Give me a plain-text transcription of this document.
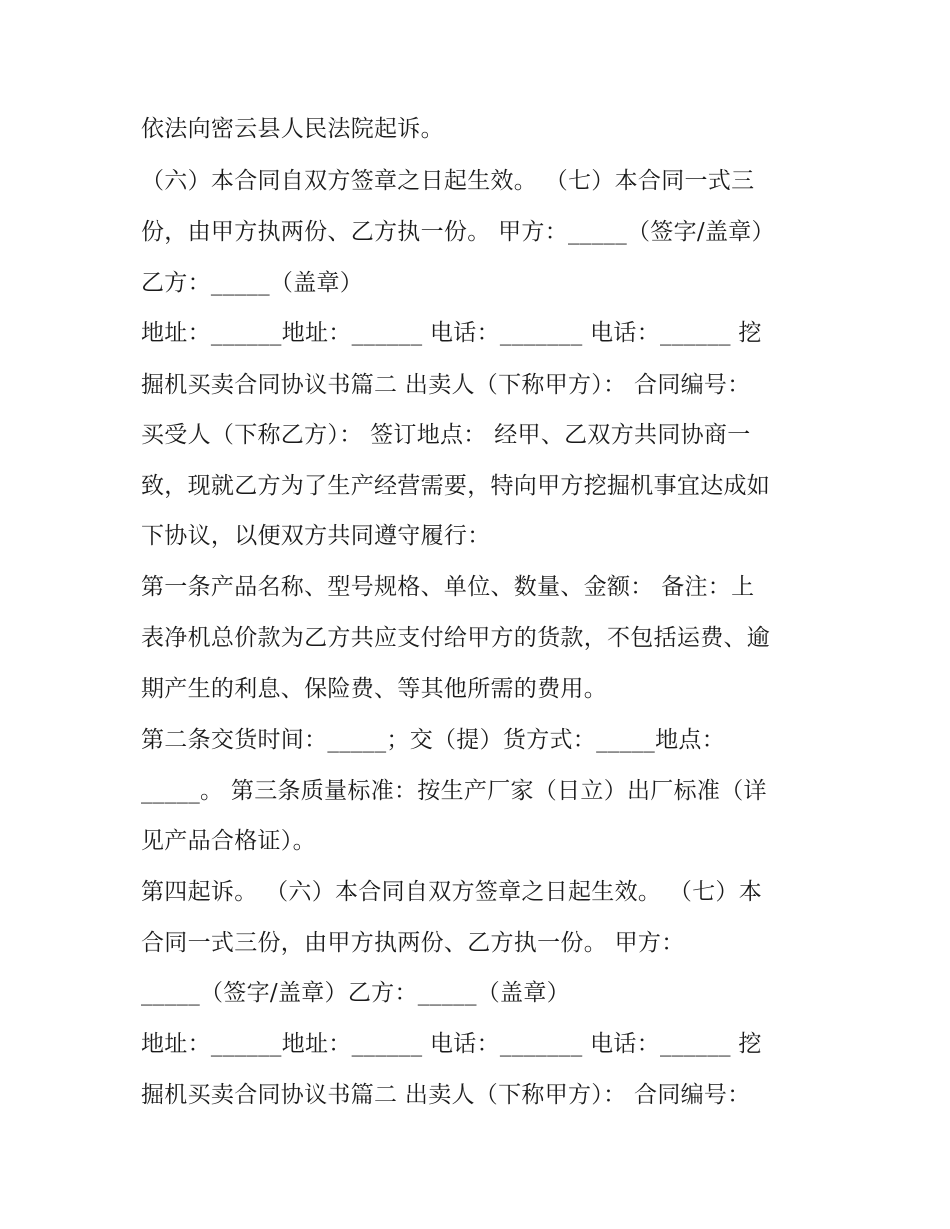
依法向密云县人民法院起诉。
（六）本合同自双方签章之日起生效。 （七）本合同一式三
份，由甲方执两份、乙方执一份。 甲方：_____（签字/盖章）
乙方：_____（盖章）
地址：______地址：______ 电话：_______ 电话：______ 挖
掘机买卖合同协议书篇二 出卖人（下称甲方）： 合同编号：
买受人（下称乙方）： 签订地点： 经甲、乙双方共同协商一
致，现就乙方为了生产经营需要，特向甲方挖掘机事宜达成如
下协议，以便双方共同遵守履行：
第一条产品名称、型号规格、单位、数量、金额： 备注：上
表净机总价款为乙方共应支付给甲方的货款，不包括运费、逾
期产生的利息、保险费、等其他所需的费用。
第二条交货时间：_____；交（提）货方式：_____地点：
_____。 第三条质量标准：按生产厂家（日立）出厂标准（详
见产品合格证）。
第四起诉。 （六）本合同自双方签章之日起生效。 （七）本
合同一式三份，由甲方执两份、乙方执一份。 甲方：
_____（签字/盖章）乙方：_____（盖章）
地址：______地址：______ 电话：_______ 电话：______ 挖
掘机买卖合同协议书篇二 出卖人（下称甲方）： 合同编号：
